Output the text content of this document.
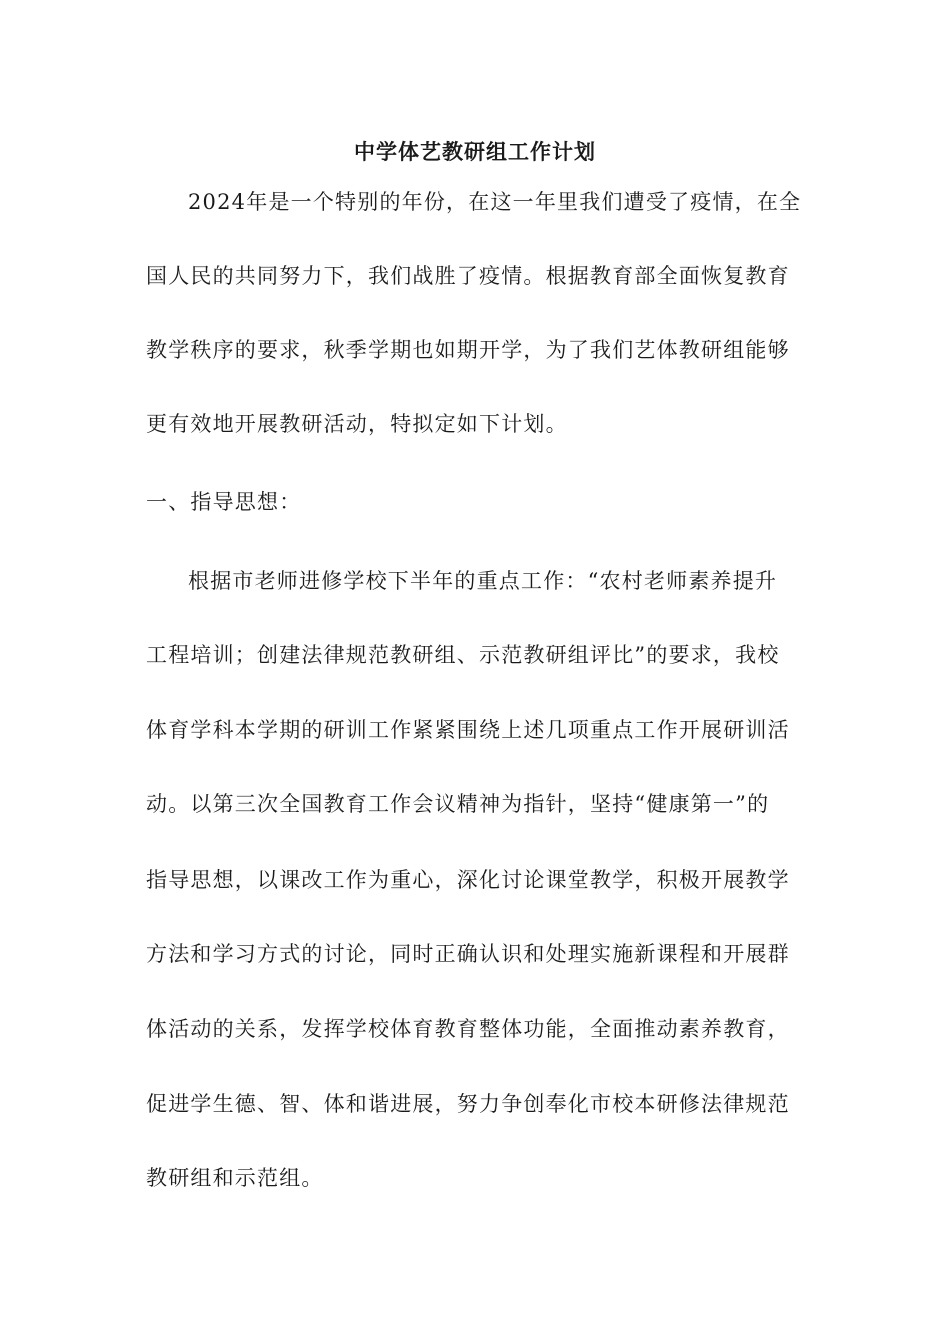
中学体艺教研组工作计划
2024年是一个特别的年份，在这一年里我们遭受了疫情，在全
国人民的共同努力下，我们战胜了疫情。根据教育部全面恢复教育
教学秩序的要求，秋季学期也如期开学，为了我们艺体教研组能够
更有效地开展教研活动，特拟定如下计划。
一、指导思想：
根据市老师进修学校下半年的重点工作：“农村老师素养提升
工程培训；创建法律规范教研组、示范教研组评比”的要求，我校
体育学科本学期的研训工作紧紧围绕上述几项重点工作开展研训活
动。以第三次全国教育工作会议精神为指针，坚持“健康第一”的
指导思想，以课改工作为重心，深化讨论课堂教学，积极开展教学
方法和学习方式的讨论，同时正确认识和处理实施新课程和开展群
体活动的关系，发挥学校体育教育整体功能，全面推动素养教育，
促进学生德、智、体和谐进展，努力争创奉化市校本研修法律规范
教研组和示范组。
